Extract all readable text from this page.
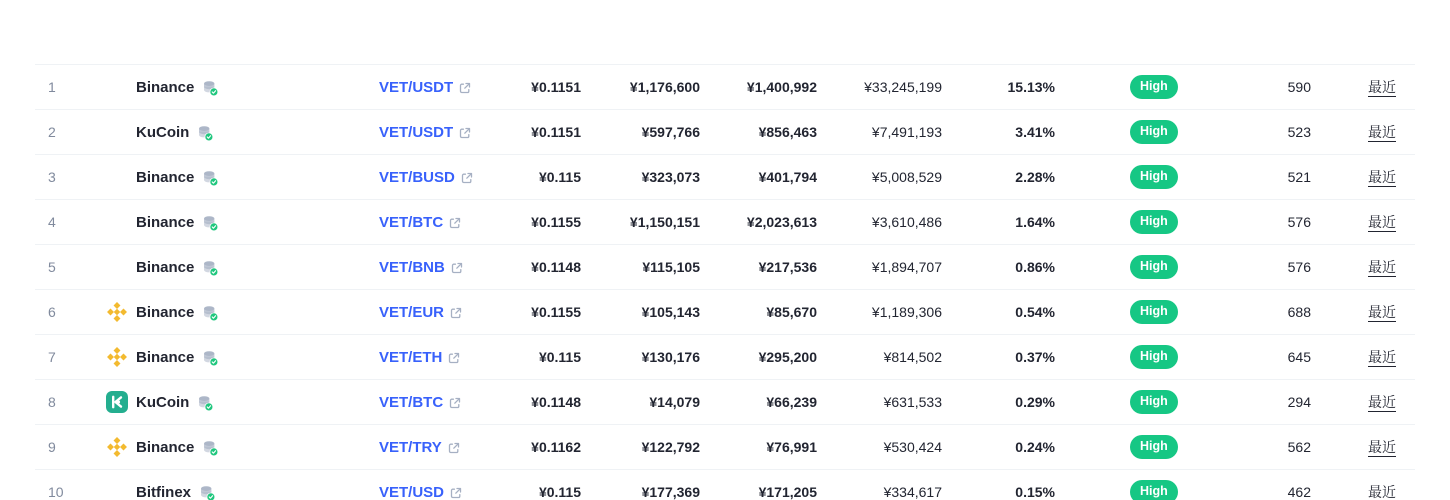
1	Binance	VET/USDT	¥0.1151	¥1,176,600	¥1,400,992	¥33,245,199	15.13%	High	590	最近
2	KuCoin	VET/USDT	¥0.1151	¥597,766	¥856,463	¥7,491,193	3.41%	High	523	最近
3	Binance	VET/BUSD	¥0.115	¥323,073	¥401,794	¥5,008,529	2.28%	High	521	最近
4	Binance	VET/BTC	¥0.1155	¥1,150,151	¥2,023,613	¥3,610,486	1.64%	High	576	最近
5	Binance	VET/BNB	¥0.1148	¥115,105	¥217,536	¥1,894,707	0.86%	High	576	最近
6	Binance	VET/EUR	¥0.1155	¥105,143	¥85,670	¥1,189,306	0.54%	High	688	最近
7	Binance	VET/ETH	¥0.115	¥130,176	¥295,200	¥814,502	0.37%	High	645	最近
8	KuCoin	VET/BTC	¥0.1148	¥14,079	¥66,239	¥631,533	0.29%	High	294	最近
9	Binance	VET/TRY	¥0.1162	¥122,792	¥76,991	¥530,424	0.24%	High	562	最近
10	Bitfinex	VET/USD	¥0.115	¥177,369	¥171,205	¥334,617	0.15%	High	462	最近
